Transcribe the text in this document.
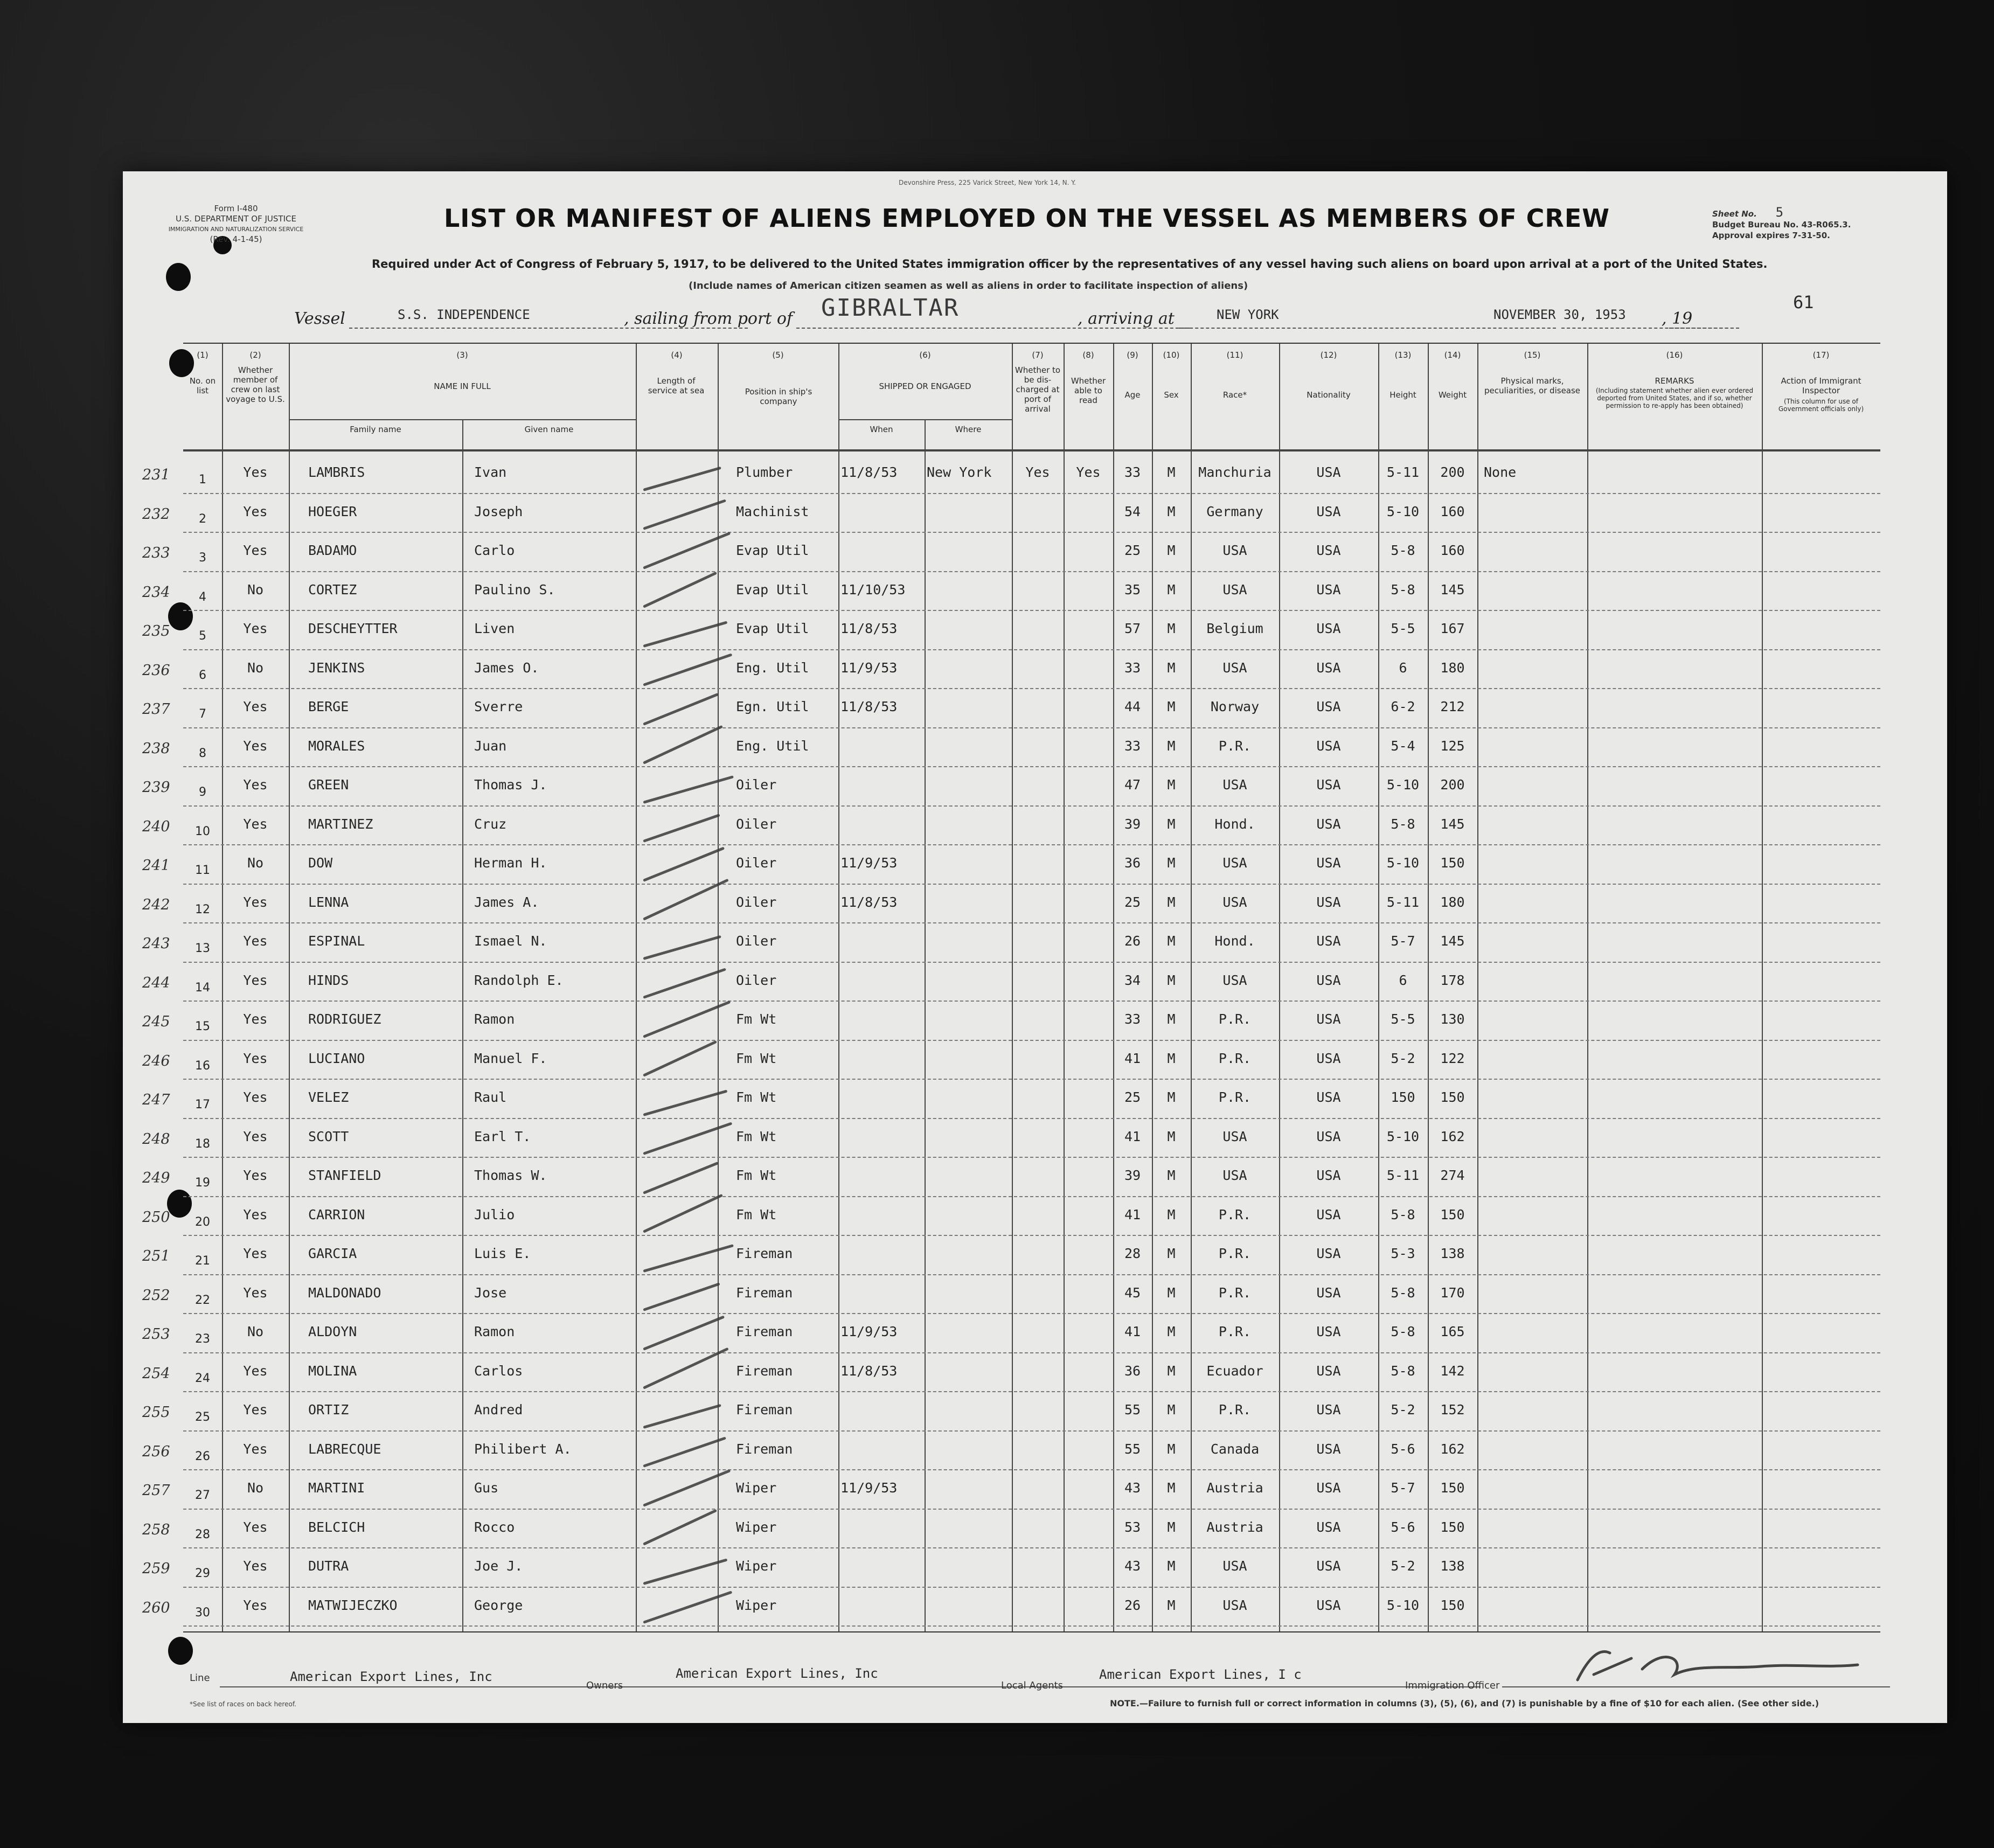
Devonshire Press, 225 Varick Street, New York 14, N. Y.
Form I-480
U.S. DEPARTMENT OF JUSTICE
IMMIGRATION AND NATURALIZATION SERVICE
(Rev. 4-1-45)
LIST OR MANIFEST OF ALIENS EMPLOYED ON THE VESSEL AS MEMBERS OF CREW	Sheet No. 5
Budget Bureau No. 43-R065.3.
Approval expires 7-31-50.
Required under Act of Congress of February 5, 1917, to be delivered to the United States immigration officer by the representatives of any vessel having such aliens on board upon arrival at a port of the United States.
(Include names of American citizen seamen as well as aliens in order to facilitate inspection of aliens)
61
Vessel	S.S. INDEPENDENCE	, sailing from port of GIBRALTAR	, arriving at	NEW YORK	NOVEMBER 30, 1953 , 19
(1)
No. on list
(2)
Whether member of crew on last voyage to U.S.
(3)
NAME IN FULL
Family name	Given name
(4)
Length of service at sea
(5)
Position in ship's company
(6)
SHIPPED OR ENGAGED
When	Where
(7)
Whether to be dis-charged at port of arrival
(8)
Whether able to read
(9)
Age
(10)
Sex
(11)
Race*
(12)
Nationality
(13)
Height
(14)
Weight
(15)
Physical marks, peculiarities, or disease
(16)
REMARKS
(Including statement whether alien ever ordered deported from United States, and if so, whether permission to re-apply has been obtained)
(17)
Action of Immigrant Inspector
(This column for use of Government officials only)
231	1	Yes	LAMBRIS	Ivan	Plumber	11/8/53	New York	Yes	Yes	33	M	Manchuria	USA	5-11	200	None
232	2	Yes	HOEGER	Joseph	Machinist	54	M	Germany	USA	5-10	160
233	3	Yes	BADAMO	Carlo	Evap Util	25	M	USA	USA	5-8	160
234	4	No	CORTEZ	Paulino S.	Evap Util	11/10/53	35	M	USA	USA	5-8	145
235	5	Yes	DESCHEYTTER	Liven	Evap Util	11/8/53	57	M	Belgium	USA	5-5	167
236	6	No	JENKINS	James O.	Eng. Util	11/9/53	33	M	USA	USA	6	180
237	7	Yes	BERGE	Sverre	Egn. Util	11/8/53	44	M	Norway	USA	6-2	212
238	8	Yes	MORALES	Juan	Eng. Util	33	M	P.R.	USA	5-4	125
239	9	Yes	GREEN	Thomas J.	Oiler	47	M	USA	USA	5-10	200
240	10	Yes	MARTINEZ	Cruz	Oiler	39	M	Hond.	USA	5-8	145
241	11	No	DOW	Herman H.	Oiler	11/9/53	36	M	USA	USA	5-10	150
242	12	Yes	LENNA	James A.	Oiler	11/8/53	25	M	USA	USA	5-11	180
243	13	Yes	ESPINAL	Ismael N.	Oiler	26	M	Hond.	USA	5-7	145
244	14	Yes	HINDS	Randolph E.	Oiler	34	M	USA	USA	6	178
245	15	Yes	RODRIGUEZ	Ramon	Fm Wt	33	M	P.R.	USA	5-5	130
246	16	Yes	LUCIANO	Manuel F.	Fm Wt	41	M	P.R.	USA	5-2	122
247	17	Yes	VELEZ	Raul	Fm Wt	25	M	P.R.	USA	150	150
248	18	Yes	SCOTT	Earl T.	Fm Wt	41	M	USA	USA	5-10	162
249	19	Yes	STANFIELD	Thomas W.	Fm Wt	39	M	USA	USA	5-11	274
250	20	Yes	CARRION	Julio	Fm Wt	41	M	P.R.	USA	5-8	150
251	21	Yes	GARCIA	Luis E.	Fireman	28	M	P.R.	USA	5-3	138
252	22	Yes	MALDONADO	Jose	Fireman	45	M	P.R.	USA	5-8	170
253	23	No	ALDOYN	Ramon	Fireman	11/9/53	41	M	P.R.	USA	5-8	165
254	24	Yes	MOLINA	Carlos	Fireman	11/8/53	36	M	Ecuador	USA	5-8	142
255	25	Yes	ORTIZ	Andred	Fireman	55	M	P.R.	USA	5-2	152
256	26	Yes	LABRECQUE	Philibert A.	Fireman	55	M	Canada	USA	5-6	162
257	27	No	MARTINI	Gus	Wiper	11/9/53	43	M	Austria	USA	5-7	150
258	28	Yes	BELCICH	Rocco	Wiper	53	M	Austria	USA	5-6	150
259	29	Yes	DUTRA	Joe J.	Wiper	43	M	USA	USA	5-2	138
260	30	Yes	MATWIJECZKO	George	Wiper	26	M	USA	USA	5-10	150
Line	American Export Lines, Inc
Owners
American Export Lines, Inc
Local Agents
American Export Lines, I c
Immigration Officer
*See list of races on back hereof.	NOTE.—Failure to furnish full or correct information in columns (3), (5), (6), and (7) is punishable by a fine of $10 for each alien. (See other side.)
